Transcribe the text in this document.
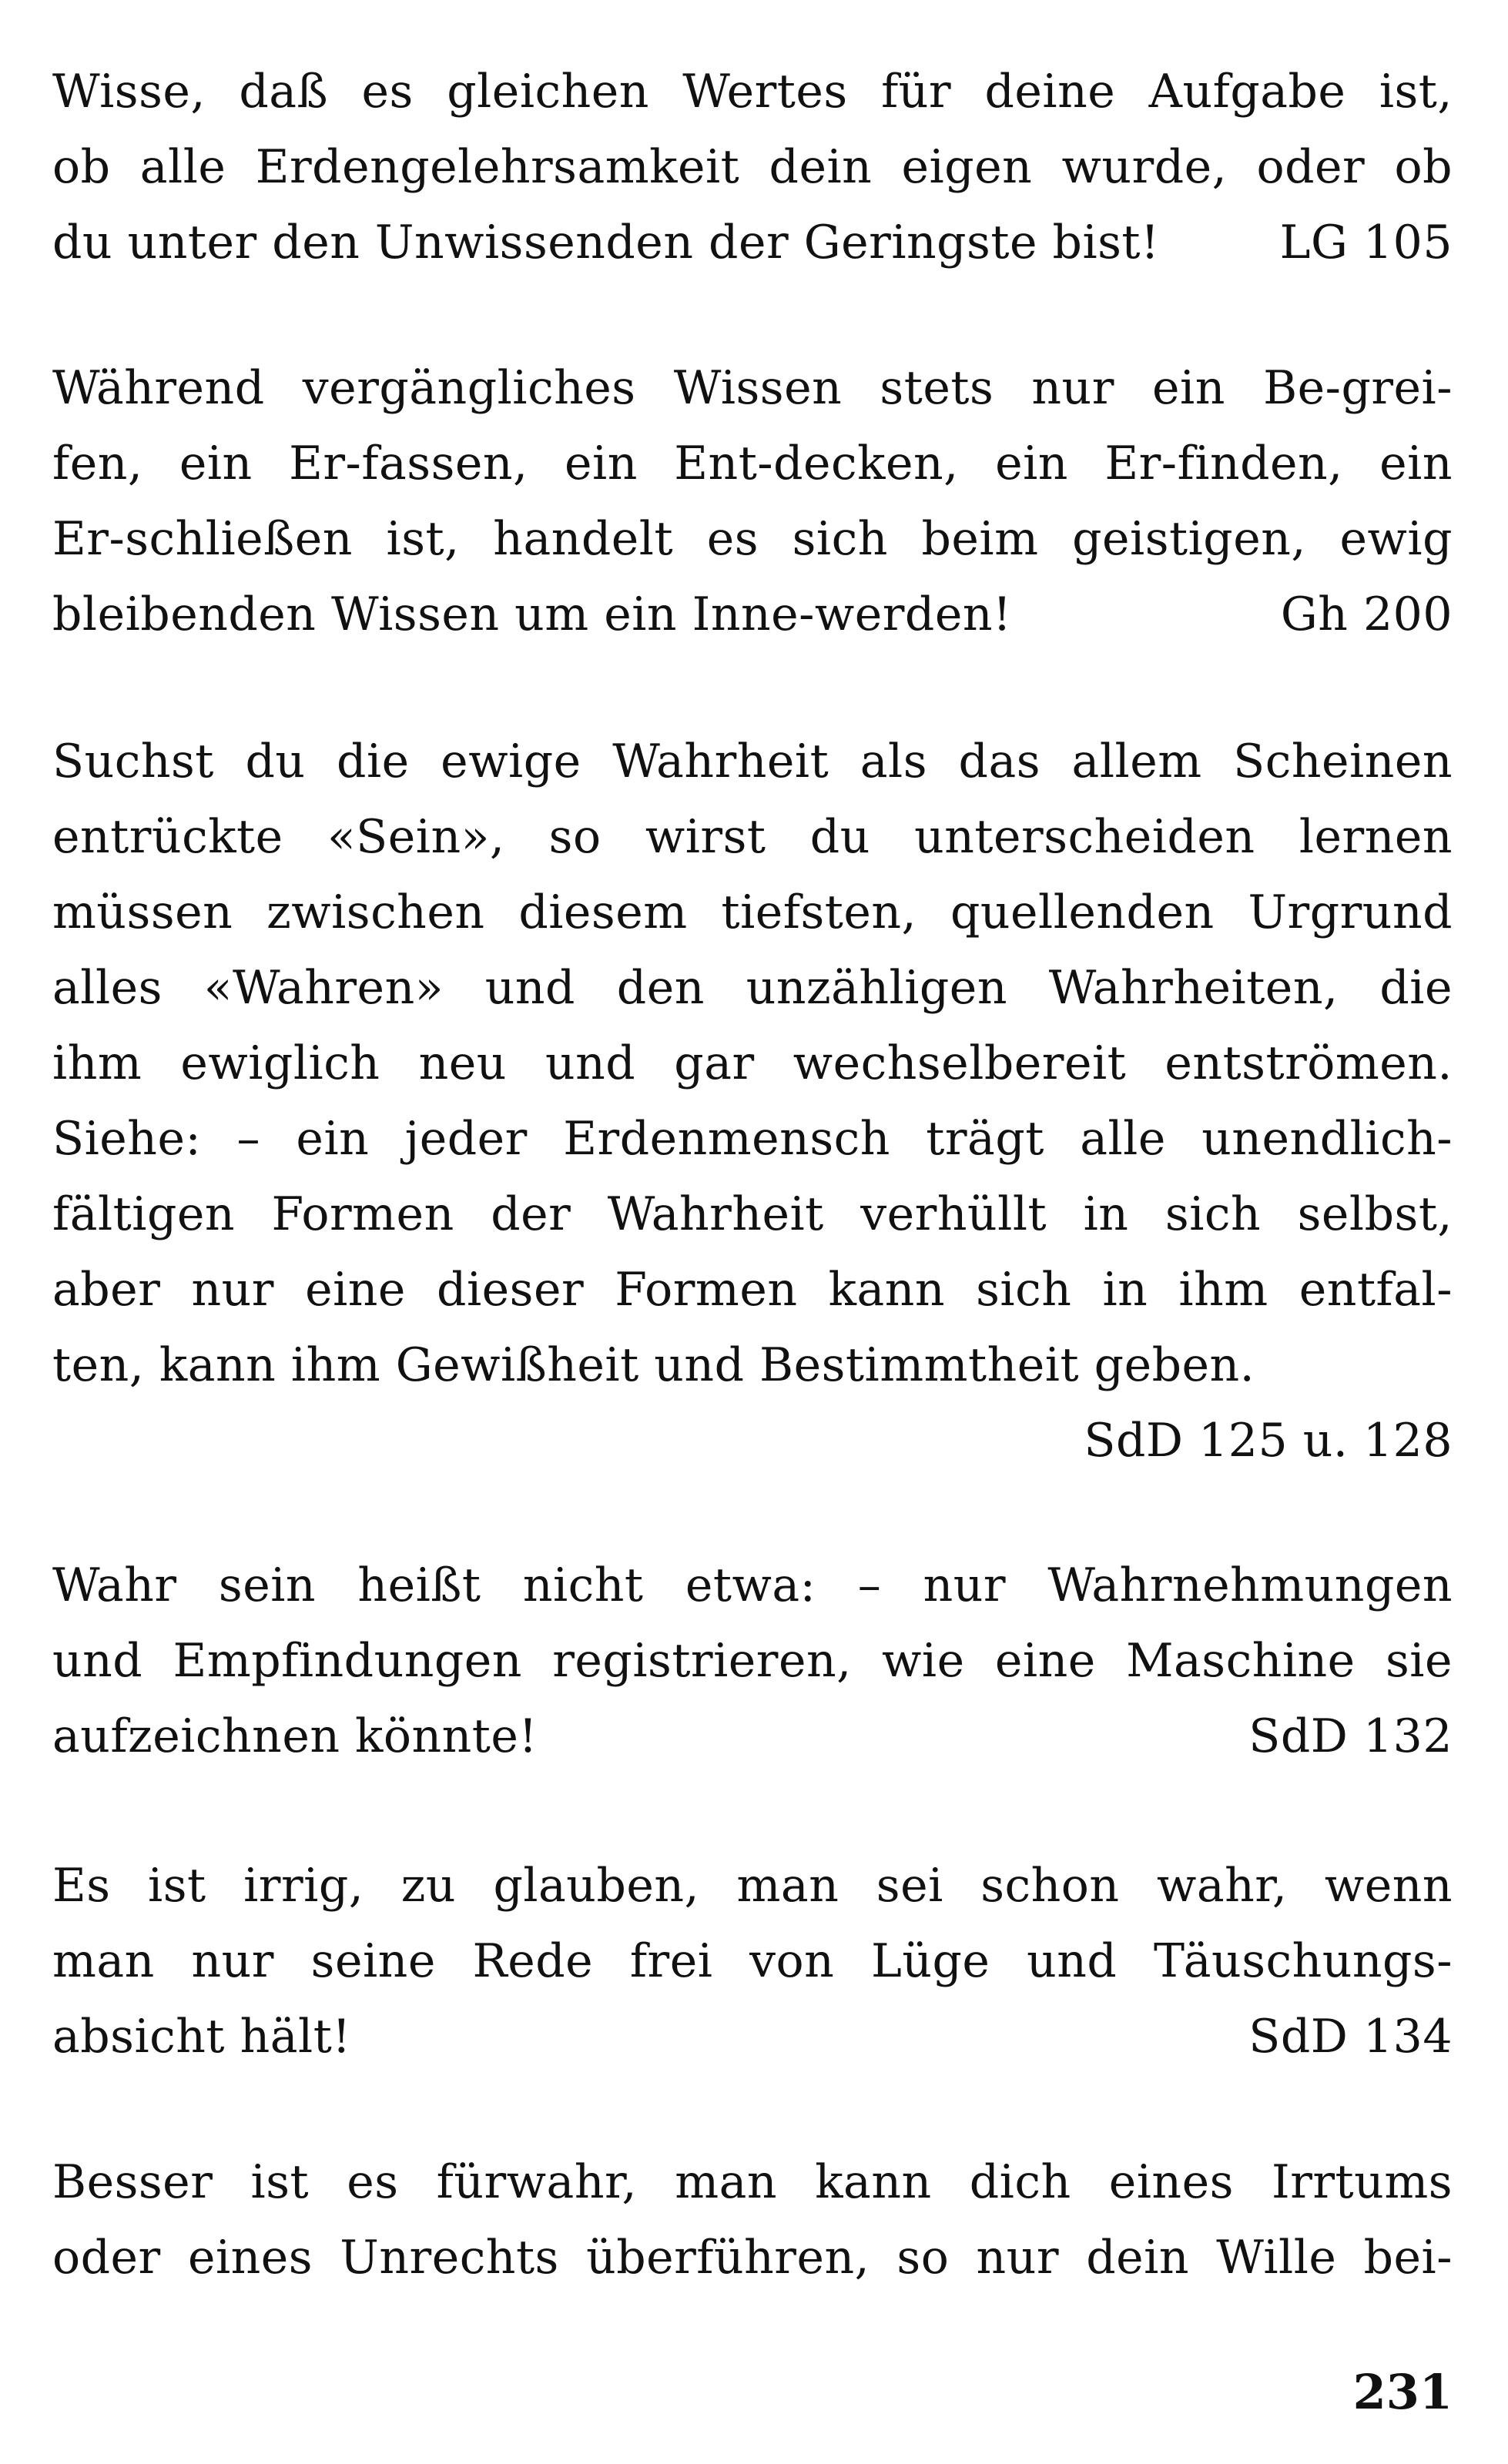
Wisse, daß es gleichen Wertes für deine Aufgabe ist,
ob alle Erdengelehrsamkeit dein eigen wurde, oder ob
du unter den Unwissenden der Geringste bist!	LG 105
Während vergängliches Wissen stets nur ein Be-grei-
fen, ein Er-fassen, ein Ent-decken, ein Er-finden, ein
Er-schließen ist, handelt es sich beim geistigen, ewig
bleibenden Wissen um ein Inne-werden!	Gh 200
Suchst du die ewige Wahrheit als das allem Scheinen
entrückte «Sein», so wirst du unterscheiden lernen
müssen zwischen diesem tiefsten, quellenden Urgrund
alles «Wahren» und den unzähligen Wahrheiten, die
ihm ewiglich neu und gar wechselbereit entströmen.
Siehe: – ein jeder Erdenmensch trägt alle unendlich-
fältigen Formen der Wahrheit verhüllt in sich selbst,
aber nur eine dieser Formen kann sich in ihm entfal-
ten, kann ihm Gewißheit und Bestimmtheit geben.
SdD 125 u. 128
Wahr sein heißt nicht etwa: – nur Wahrnehmungen
und Empfindungen registrieren, wie eine Maschine sie
aufzeichnen könnte!	SdD 132
Es ist irrig, zu glauben, man sei schon wahr, wenn
man nur seine Rede frei von Lüge und Täuschungs-
absicht hält!	SdD 134
Besser ist es fürwahr, man kann dich eines Irrtums
oder eines Unrechts überführen, so nur dein Wille bei-
231
